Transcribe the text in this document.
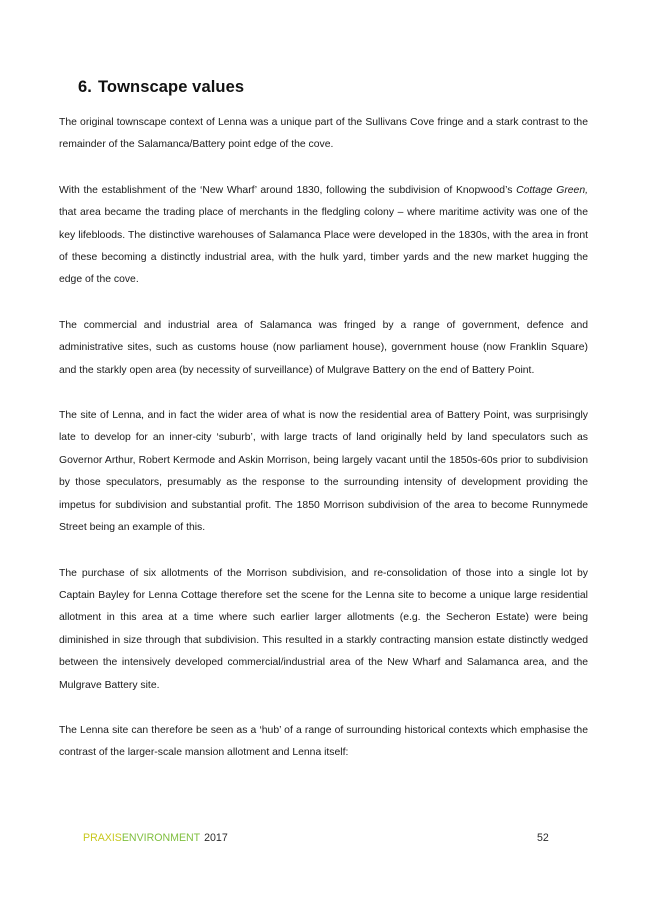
6. Townscape values

The original townscape context of Lenna was a unique part of the Sullivans Cove fringe and a stark contrast to the remainder of the Salamanca/Battery point edge of the cove.

With the establishment of the ‘New Wharf’ around 1830, following the subdivision of Knopwood’s Cottage Green, that area became the trading place of merchants in the fledgling colony – where maritime activity was one of the key lifebloods. The distinctive warehouses of Salamanca Place were developed in the 1830s, with the area in front of these becoming a distinctly industrial area, with the hulk yard, timber yards and the new market hugging the edge of the cove.

The commercial and industrial area of Salamanca was fringed by a range of government, defence and administrative sites, such as customs house (now parliament house), government house (now Franklin Square) and the starkly open area (by necessity of surveillance) of Mulgrave Battery on the end of Battery Point.

The site of Lenna, and in fact the wider area of what is now the residential area of Battery Point, was surprisingly late to develop for an inner-city ‘suburb’, with large tracts of land originally held by land speculators such as Governor Arthur, Robert Kermode and Askin Morrison, being largely vacant until the 1850s-60s prior to subdivision by those speculators, presumably as the response to the surrounding intensity of development providing the impetus for subdivision and substantial profit. The 1850 Morrison subdivision of the area to become Runnymede Street being an example of this.

The purchase of six allotments of the Morrison subdivision, and re-consolidation of those into a single lot by Captain Bayley for Lenna Cottage therefore set the scene for the Lenna site to become a unique large residential allotment in this area at a time where such earlier larger allotments (e.g. the Secheron Estate) were being diminished in size through that subdivision. This resulted in a starkly contracting mansion estate distinctly wedged between the intensively developed commercial/industrial area of the New Wharf and Salamanca area, and the Mulgrave Battery site.

The Lenna site can therefore be seen as a ‘hub’ of a range of surrounding historical contexts which emphasise the contrast of the larger-scale mansion allotment and Lenna itself:

PRAXISENVIRONMENT 2017	52
